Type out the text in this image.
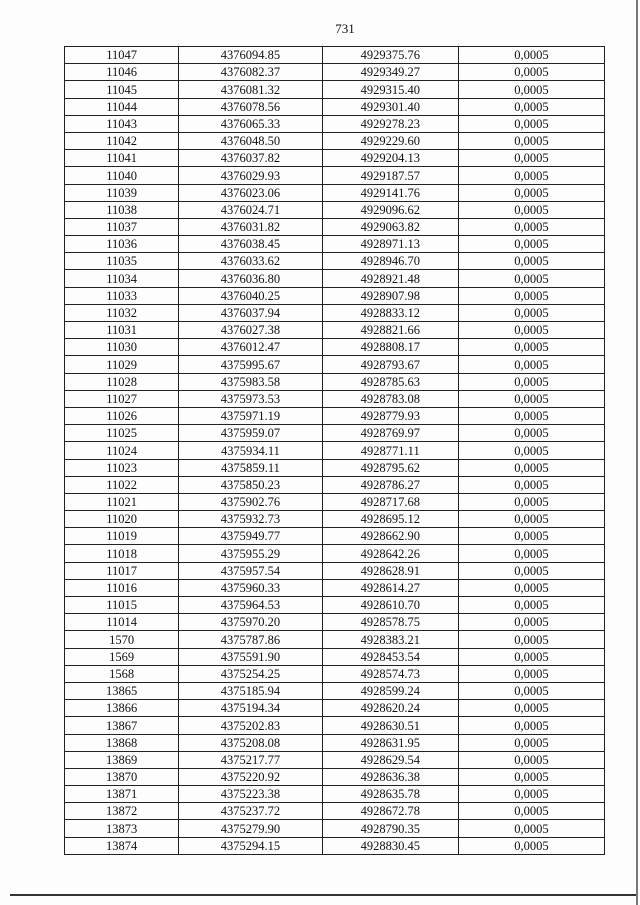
731
11047	4376094.85	4929375.76	0,0005
11046	4376082.37	4929349.27	0,0005
11045	4376081.32	4929315.40	0,0005
11044	4376078.56	4929301.40	0,0005
11043	4376065.33	4929278.23	0,0005
11042	4376048.50	4929229.60	0,0005
11041	4376037.82	4929204.13	0,0005
11040	4376029.93	4929187.57	0,0005
11039	4376023.06	4929141.76	0,0005
11038	4376024.71	4929096.62	0,0005
11037	4376031.82	4929063.82	0,0005
11036	4376038.45	4928971.13	0,0005
11035	4376033.62	4928946.70	0,0005
11034	4376036.80	4928921.48	0,0005
11033	4376040.25	4928907.98	0,0005
11032	4376037.94	4928833.12	0,0005
11031	4376027.38	4928821.66	0,0005
11030	4376012.47	4928808.17	0,0005
11029	4375995.67	4928793.67	0,0005
11028	4375983.58	4928785.63	0,0005
11027	4375973.53	4928783.08	0,0005
11026	4375971.19	4928779.93	0,0005
11025	4375959.07	4928769.97	0,0005
11024	4375934.11	4928771.11	0,0005
11023	4375859.11	4928795.62	0,0005
11022	4375850.23	4928786.27	0,0005
11021	4375902.76	4928717.68	0,0005
11020	4375932.73	4928695.12	0,0005
11019	4375949.77	4928662.90	0,0005
11018	4375955.29	4928642.26	0,0005
11017	4375957.54	4928628.91	0,0005
11016	4375960.33	4928614.27	0,0005
11015	4375964.53	4928610.70	0,0005
11014	4375970.20	4928578.75	0,0005
1570	4375787.86	4928383.21	0,0005
1569	4375591.90	4928453.54	0,0005
1568	4375254.25	4928574.73	0,0005
13865	4375185.94	4928599.24	0,0005
13866	4375194.34	4928620.24	0,0005
13867	4375202.83	4928630.51	0,0005
13868	4375208.08	4928631.95	0,0005
13869	4375217.77	4928629.54	0,0005
13870	4375220.92	4928636.38	0,0005
13871	4375223.38	4928635.78	0,0005
13872	4375237.72	4928672.78	0,0005
13873	4375279.90	4928790.35	0,0005
13874	4375294.15	4928830.45	0,0005
